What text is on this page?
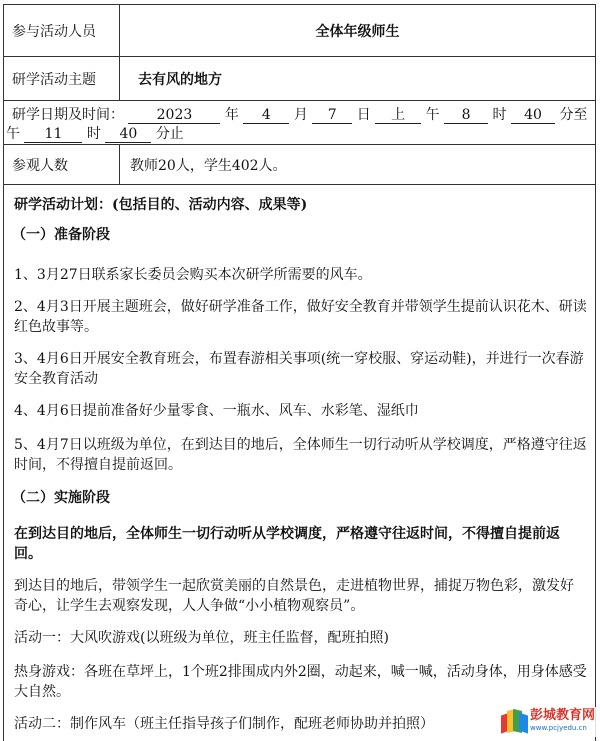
参与活动人员	全体年级师生
研学活动主题	去有风的地方
研学日期及时间： 2023 年 4 月 7 日 上 午 8 时 40 分至
午 11 时 40 分止
参观人数	教师20人，学生402人。
研学活动计划：(包括目的、活动内容、成果等)
（一）准备阶段
1、3月27日联系家长委员会购买本次研学所需要的风车。
2、4月3日开展主题班会，做好研学准备工作，做好安全教育并带领学生提前认识花木、研读红色故事等。
3、4月6日开展安全教育班会，布置春游相关事项(统一穿校服、穿运动鞋)，并进行一次春游安全教育活动
4、4月6日提前准备好少量零食、一瓶水、风车、水彩笔、湿纸巾
5、4月7日以班级为单位，在到达目的地后，全体师生一切行动听从学校调度，严格遵守往返时间，不得擅自提前返回。
（二）实施阶段
在到达目的地后，全体师生一切行动听从学校调度，严格遵守往返时间，不得擅自提前返回。
到达目的地后，带领学生一起欣赏美丽的自然景色，走进植物世界，捕捉万物色彩，激发好奇心，让学生去观察发现，人人争做“小小植物观察员”。
活动一：大风吹游戏(以班级为单位，班主任监督，配班拍照)
热身游戏：各班在草坪上，1个班2排围成内外2圈，动起来，喊一喊，活动身体，用身体感受大自然。
活动二：制作风车（班主任指导孩子们制作，配班老师协助并拍照）
彭城教育网
www.pcjyedu.cn
